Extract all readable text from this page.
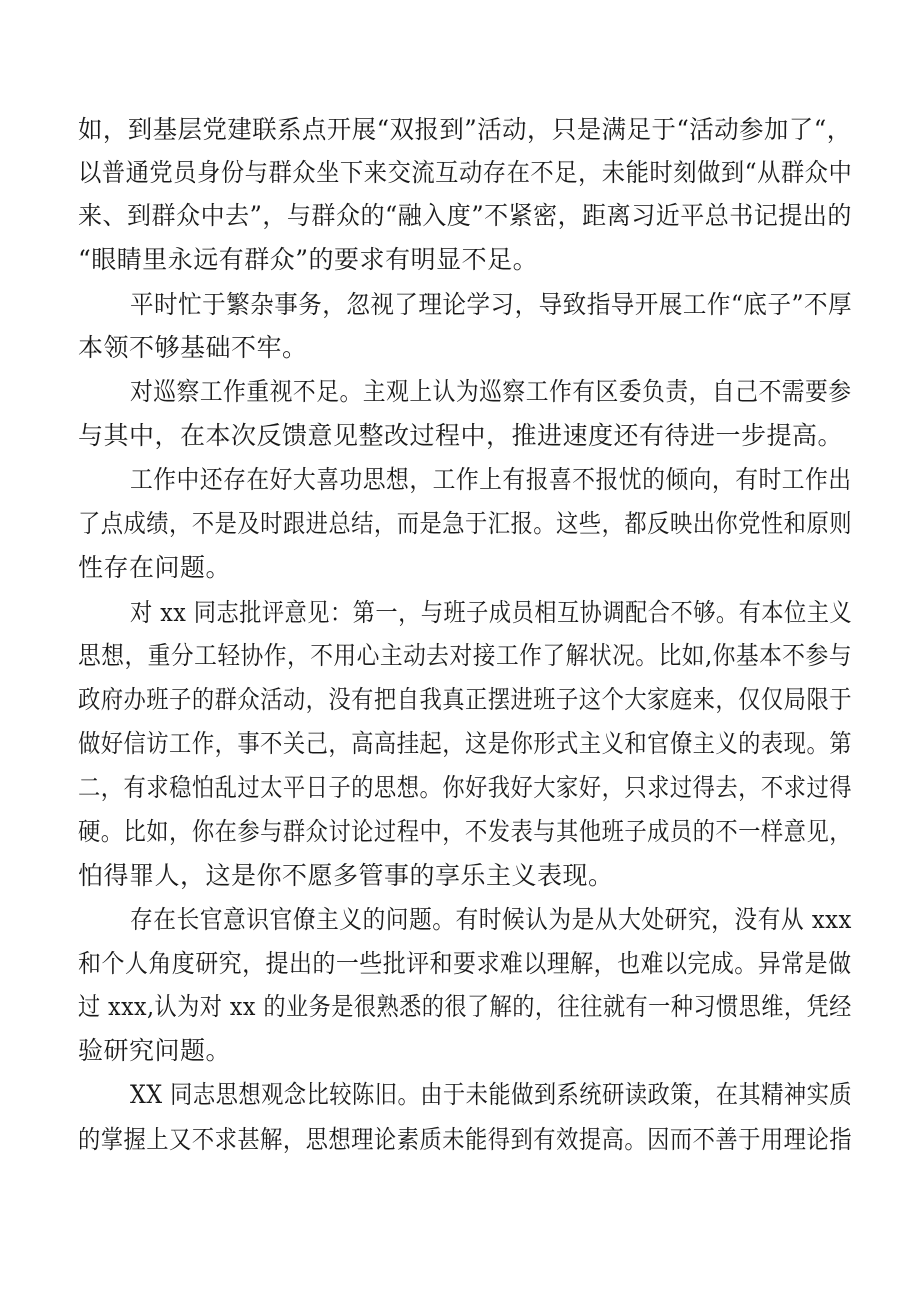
如，到基层党建联系点开展“双报到”活动，只是满足于“活动参加了“，
以普通党员身份与群众坐下来交流互动存在不足，未能时刻做到“从群众中
来、到群众中去”，与群众的“融入度”不紧密，距离习近平总书记提出的
“眼睛里永远有群众”的要求有明显不足。
平时忙于繁杂事务，忽视了理论学习，导致指导开展工作“底子”不厚
本领不够基础不牢。
对巡察工作重视不足。主观上认为巡察工作有区委负责，自己不需要参
与其中，在本次反馈意见整改过程中，推进速度还有待进一步提高。
工作中还存在好大喜功思想，工作上有报喜不报忧的倾向，有时工作出
了点成绩，不是及时跟进总结，而是急于汇报。这些，都反映出你党性和原则
性存在问题。
对 xx 同志批评意见：第一，与班子成员相互协调配合不够。有本位主义
思想，重分工轻协作，不用心主动去对接工作了解状况。比如,你基本不参与
政府办班子的群众活动，没有把自我真正摆进班子这个大家庭来，仅仅局限于
做好信访工作，事不关己，高高挂起，这是你形式主义和官僚主义的表现。第
二，有求稳怕乱过太平日子的思想。你好我好大家好，只求过得去，不求过得
硬。比如，你在参与群众讨论过程中，不发表与其他班子成员的不一样意见，
怕得罪人，这是你不愿多管事的享乐主义表现。
存在长官意识官僚主义的问题。有时候认为是从大处研究，没有从 xxx
和个人角度研究，提出的一些批评和要求难以理解，也难以完成。异常是做
过 xxx,认为对 xx 的业务是很熟悉的很了解的，往往就有一种习惯思维，凭经
验研究问题。
XX 同志思想观念比较陈旧。由于未能做到系统研读政策，在其精神实质
的掌握上又不求甚解，思想理论素质未能得到有效提高。因而不善于用理论指
